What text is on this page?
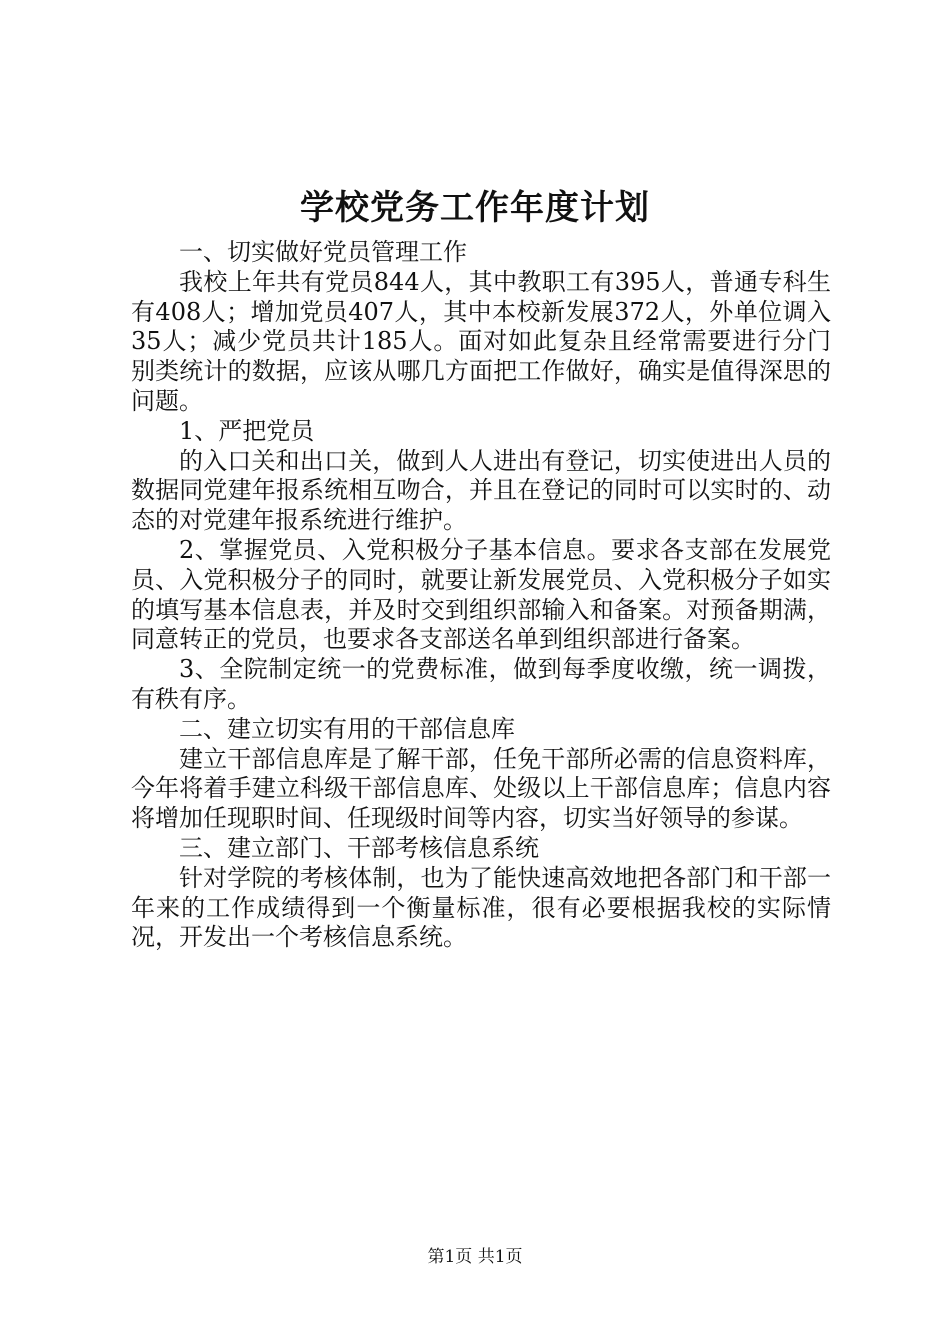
学校党务工作年度计划

一、切实做好党员管理工作

我校上年共有党员844人，其中教职工有395人，普通专科生有408人；增加党员407人，其中本校新发展372人，外单位调入35人；减少党员共计185人。面对如此复杂且经常需要进行分门别类统计的数据，应该从哪几方面把工作做好，确实是值得深思的问题。

1、严把党员

的入口关和出口关，做到人人进出有登记，切实使进出人员的数据同党建年报系统相互吻合，并且在登记的同时可以实时的、动态的对党建年报系统进行维护。

2、掌握党员、入党积极分子基本信息。要求各支部在发展党员、入党积极分子的同时，就要让新发展党员、入党积极分子如实的填写基本信息表，并及时交到组织部输入和备案。对预备期满，同意转正的党员，也要求各支部送名单到组织部进行备案。

3、全院制定统一的党费标准，做到每季度收缴，统一调拨，有秩有序。

二、建立切实有用的干部信息库

建立干部信息库是了解干部，任免干部所必需的信息资料库，今年将着手建立科级干部信息库、处级以上干部信息库；信息内容将增加任现职时间、任现级时间等内容，切实当好领导的参谋。

三、建立部门、干部考核信息系统

针对学院的考核体制，也为了能快速高效地把各部门和干部一年来的工作成绩得到一个衡量标准，很有必要根据我校的实际情况，开发出一个考核信息系统。

第1页 共1页
